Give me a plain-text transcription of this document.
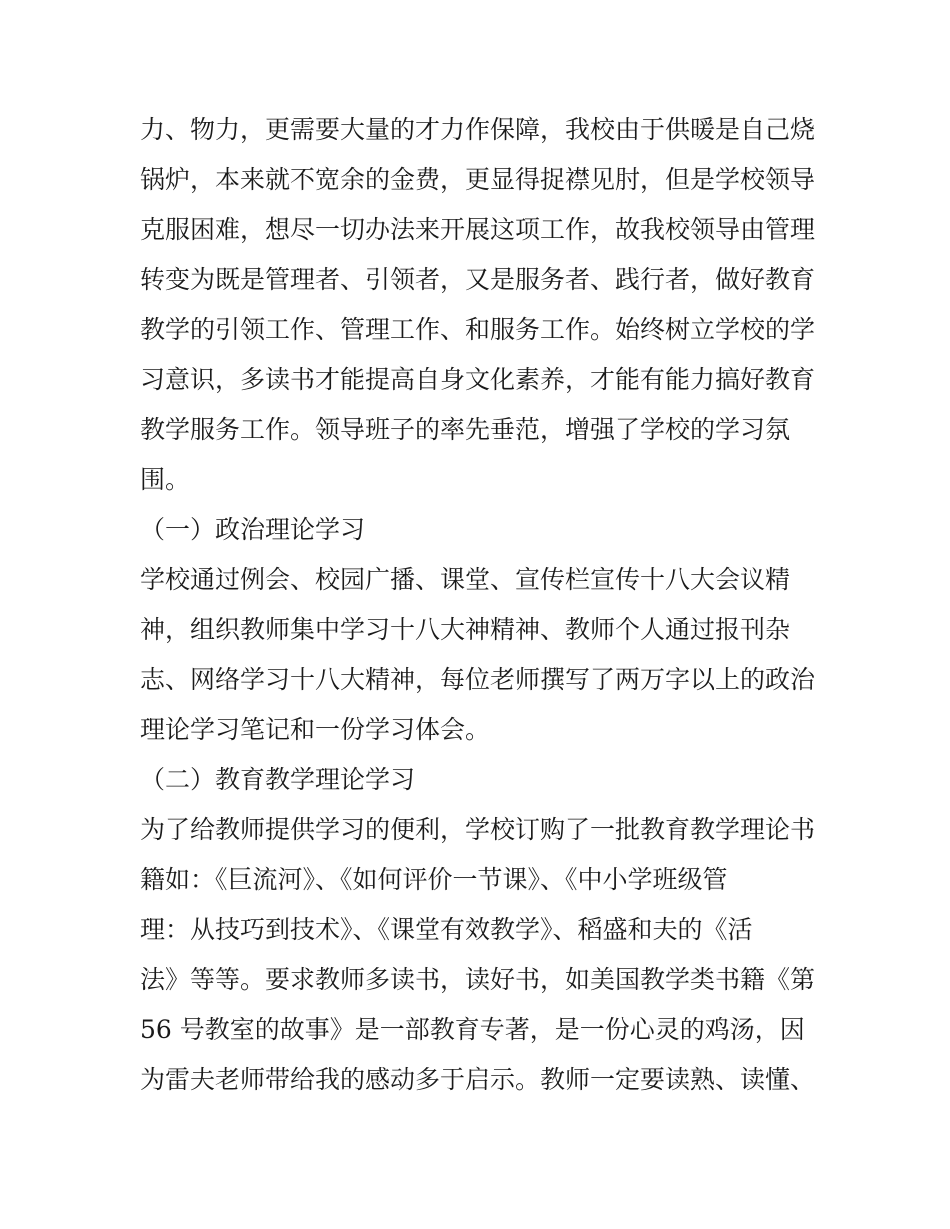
力、物力，更需要大量的才力作保障，我校由于供暖是自己烧
锅炉，本来就不宽余的金费，更显得捉襟见肘，但是学校领导
克服困难，想尽一切办法来开展这项工作，故我校领导由管理
转变为既是管理者、引领者，又是服务者、践行者，做好教育
教学的引领工作、管理工作、和服务工作。始终树立学校的学
习意识，多读书才能提高自身文化素养，才能有能力搞好教育
教学服务工作。领导班子的率先垂范，增强了学校的学习氛
围。
（一）政治理论学习
学校通过例会、校园广播、课堂、宣传栏宣传十八大会议精
神，组织教师集中学习十八大神精神、教师个人通过报刊杂
志、网络学习十八大精神，每位老师撰写了两万字以上的政治
理论学习笔记和一份学习体会。
（二）教育教学理论学习
为了给教师提供学习的便利，学校订购了一批教育教学理论书
籍如：《巨流河》、《如何评价一节课》、《中小学班级管
理：从技巧到技术》、《课堂有效教学》、稻盛和夫的《活
法》等等。要求教师多读书，读好书，如美国教学类书籍《第
56 号教室的故事》是一部教育专著，是一份心灵的鸡汤，因
为雷夫老师带给我的感动多于启示。教师一定要读熟、读懂、
